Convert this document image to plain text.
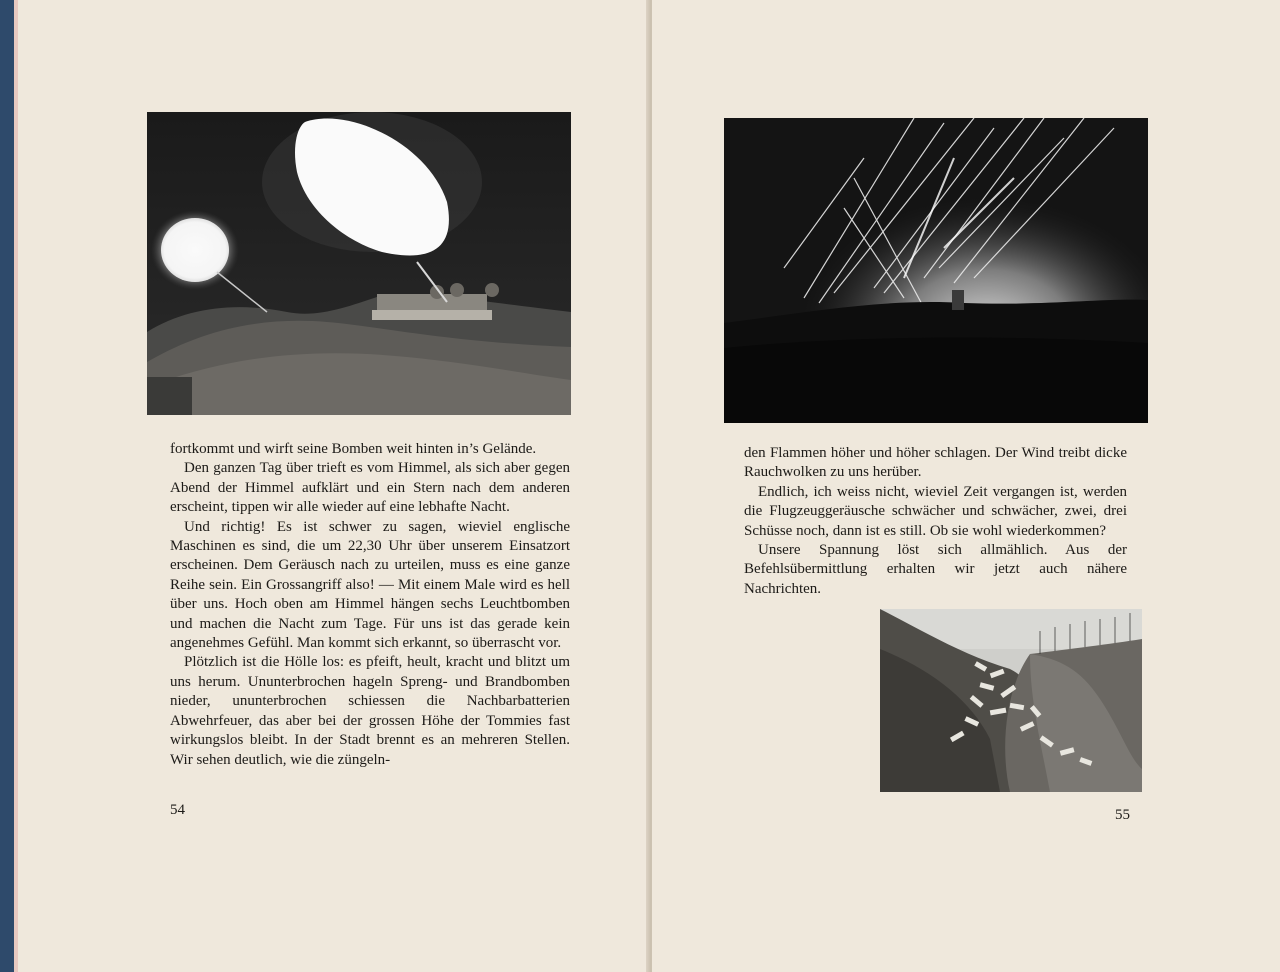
fortkommt und wirft seine Bomben weit hinten in’s Gelände.

Den ganzen Tag über trieft es vom Himmel, als sich aber gegen Abend der Himmel aufklärt und ein Stern nach dem anderen erscheint, tippen wir alle wieder auf eine lebhafte Nacht.

Und richtig! Es ist schwer zu sagen, wieviel englische Maschinen es sind, die um 22,30 Uhr über unserem Einsatzort erscheinen. Dem Geräusch nach zu urteilen, muss es eine ganze Reihe sein. Ein Grossangriff also! — Mit einem Male wird es hell über uns. Hoch oben am Himmel hängen sechs Leuchtbomben und machen die Nacht zum Tage. Für uns ist das gerade kein angenehmes Gefühl. Man kommt sich erkannt, so überrascht vor.

Plötzlich ist die Hölle los: es pfeift, heult, kracht und blitzt um uns herum. Ununterbrochen hageln Spreng- und Brandbomben nieder, ununterbrochen schiessen die Nachbarbatterien Abwehrfeuer, das aber bei der grossen Höhe der Tommies fast wirkungslos bleibt. In der Stadt brennt es an mehreren Stellen. Wir sehen deutlich, wie die züngeln-

54

den Flammen höher und höher schlagen. Der Wind treibt dicke Rauchwolken zu uns herüber.

Endlich, ich weiss nicht, wieviel Zeit vergangen ist, werden die Flugzeuggeräusche schwächer und schwächer, zwei, drei Schüsse noch, dann ist es still. Ob sie wohl wiederkommen?

Unsere Spannung löst sich allmählich. Aus der Befehlsübermittlung erhalten wir jetzt auch nähere Nachrichten.

55
